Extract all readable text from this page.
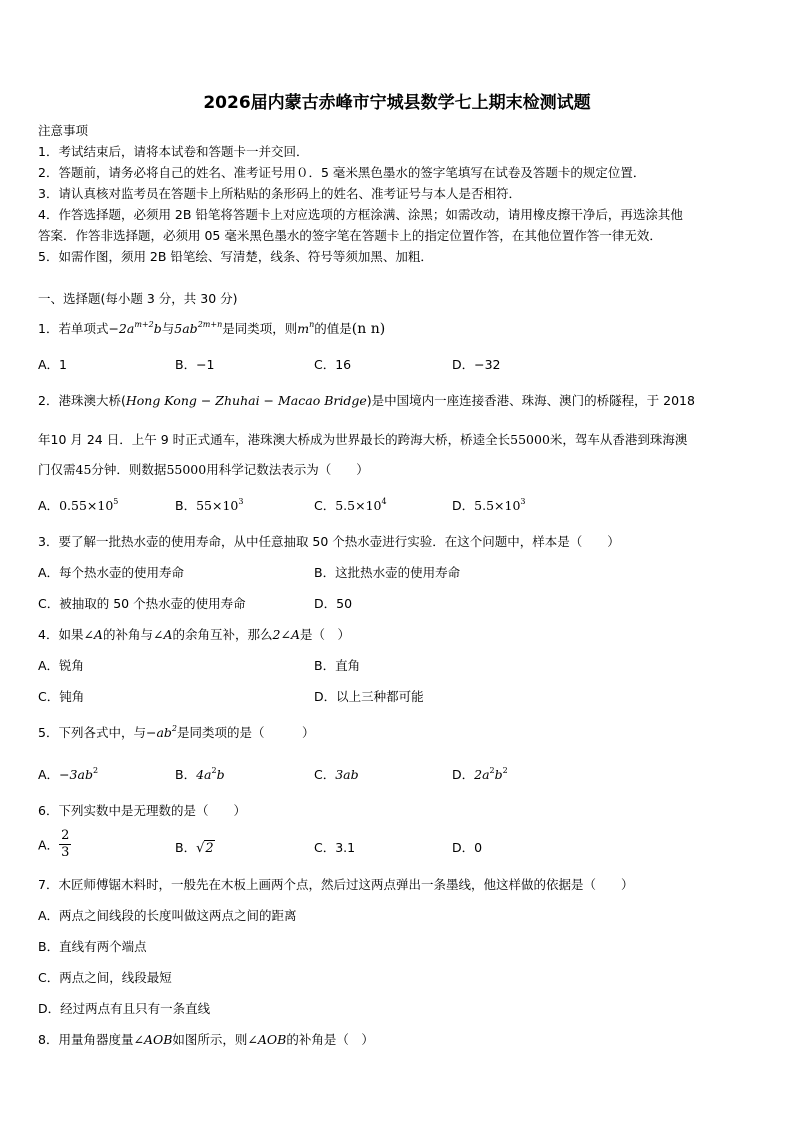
2026届内蒙古赤峰市宁城县数学七上期末检测试题
注意事项
1．考试结束后，请将本试卷和答题卡一并交回．
2．答题前，请务必将自己的姓名、准考证号用０．5 毫米黑色墨水的签字笔填写在试卷及答题卡的规定位置．
3．请认真核对监考员在答题卡上所粘贴的条形码上的姓名、准考证号与本人是否相符．
4．作答选择题，必须用 2B 铅笔将答题卡上对应选项的方框涂满、涂黑；如需改动，请用橡皮擦干净后，再选涂其他
答案．作答非选择题，必须用 05 毫米黑色墨水的签字笔在答题卡上的指定位置作答，在其他位置作答一律无效．
5．如需作图，须用 2B 铅笔绘、写清楚，线条、符号等须加黑、加粗．
一、选择题(每小题 3 分，共 30 分)
1．若单项式$-2a^{m+2}b$与$5ab^{2m+n}$是同类项，则$m^n$的值是(n n)
A．1	B．−1	C．16	D．−32
2．港珠澳大桥(Hong Kong − Zhuhai − Macao Bridge)是中国境内一座连接香港、珠海、澳门的桥隧程，于 2018
年10 月 24 日．上午 9 时正式通车，港珠澳大桥成为世界最长的跨海大桥，桥逵全长55000米，驾车从香港到珠海澳
门仅需45分钟．则数据55000用科学记数法表示为（　　）
A．$0.55\times 10^5$	B．$55\times 10^3$	C．$5.5\times 10^4$	D．$5.5\times 10^3$
3．要了解一批热水壶的使用寿命，从中任意抽取 50 个热水壶进行实验．在这个问题中，样本是（　　）
A．每个热水壶的使用寿命	B．这批热水壶的使用寿命
C．被抽取的 50 个热水壶的使用寿命	D．50
4．如果∠A的补角与∠A的余角互补，那么2∠A是（　）
A．锐角	B．直角
C．钝角	D．以上三种都可能
5．下列各式中，与$-ab^2$是同类项的是（　　　）
A．$-3ab^2$	B．$4a^2b$	C．3ab	D．$2a^2b^2$
6．下列实数中是无理数的是（　　）
A． $\frac{2}{3}$	B．√2	C．3.1	D．0
7．木匠师傅锯木料时，一般先在木板上画两个点，然后过这两点弹出一条墨线，他这样做的依据是（　　）
A．两点之间线段的长度叫做这两点之间的距离
B．直线有两个端点
C．两点之间，线段最短
D．经过两点有且只有一条直线
8．用量角器度量∠AOB如图所示，则∠AOB的补角是（　）
